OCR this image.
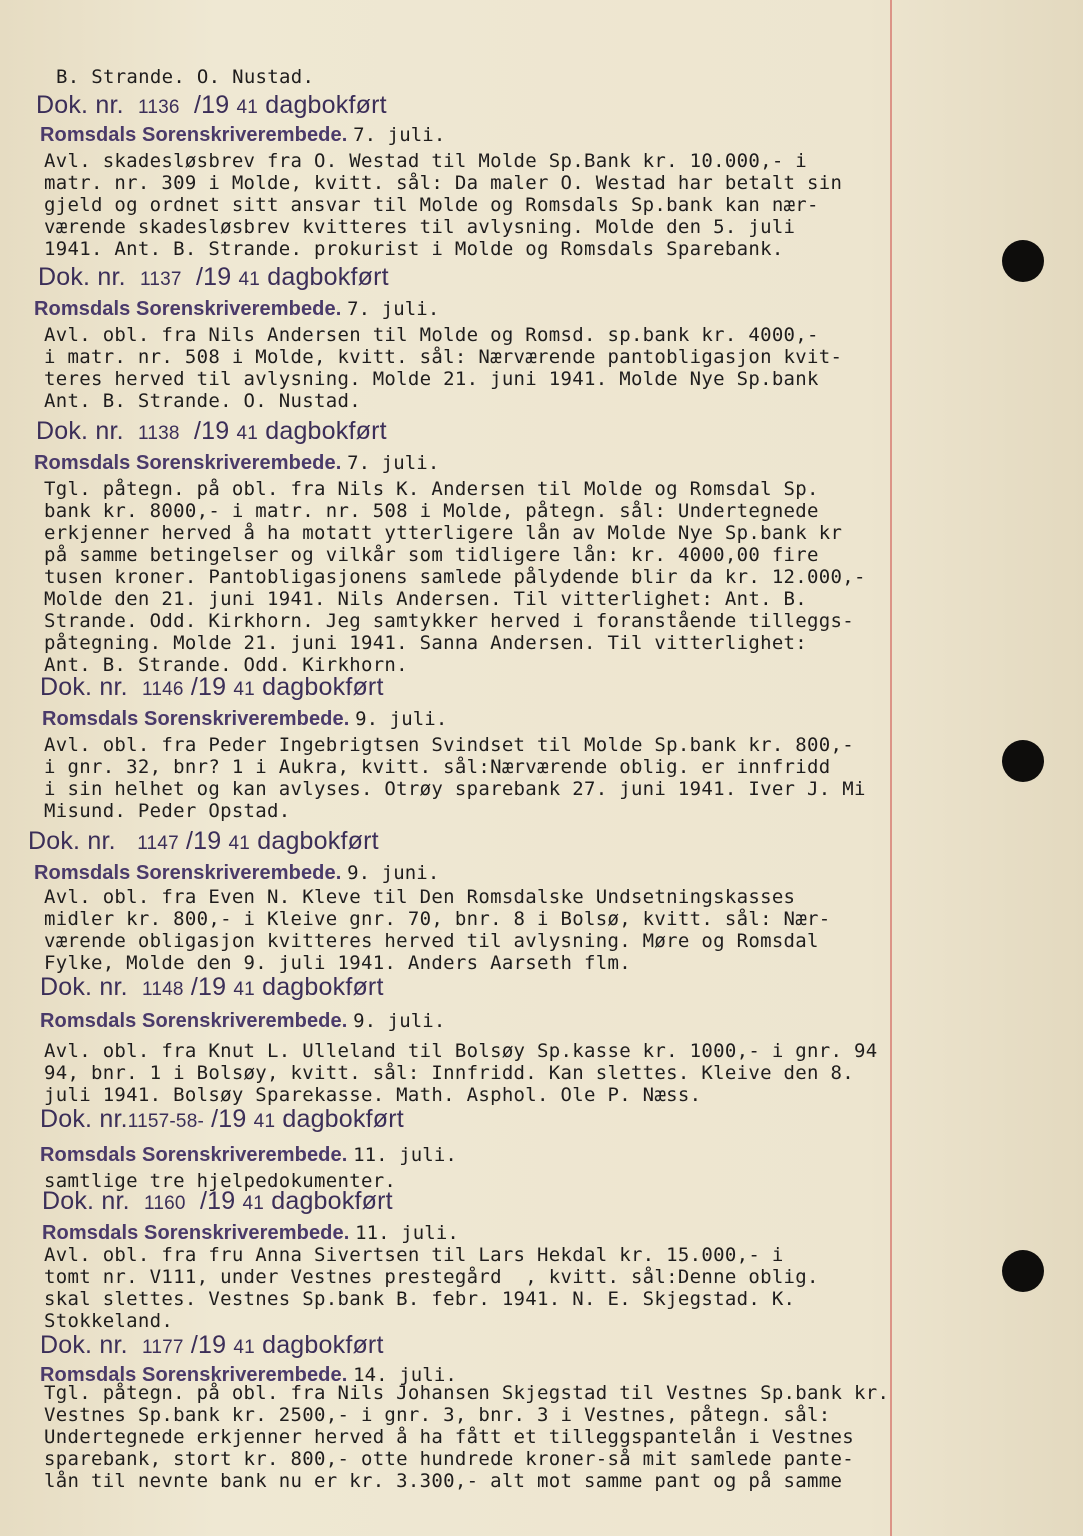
B. Strande. O. Nustad.
Dok. nr. 1136 /19 41 dagbokført
Romsdals Sorenskriverembede. 7. juli.
Avl. skadesløsbrev fra O. Westad til Molde Sp.Bank kr. 10.000,- i
matr. nr. 309 i Molde, kvitt. sål: Da maler O. Westad har betalt sin
gjeld og ordnet sitt ansvar til Molde og Romsdals Sp.bank kan nær-
værende skadesløsbrev kvitteres til avlysning. Molde den 5. juli
1941. Ant. B. Strande. prokurist i Molde og Romsdals Sparebank.
Dok. nr. 1137 /19 41 dagbokført
Romsdals Sorenskriverembede. 7. juli.
Avl. obl. fra Nils Andersen til Molde og Romsd. sp.bank kr. 4000,-
i matr. nr. 508 i Molde, kvitt. sål: Nærværende pantobligasjon kvit-
teres herved til avlysning. Molde 21. juni 1941. Molde Nye Sp.bank
Ant. B. Strande. O. Nustad.
Dok. nr. 1138 /19 41 dagbokført
Romsdals Sorenskriverembede. 7. juli.
Tgl. påtegn. på obl. fra Nils K. Andersen til Molde og Romsdal Sp.
bank kr. 8000,- i matr. nr. 508 i Molde, påtegn. sål: Undertegnede
erkjenner herved å ha motatt ytterligere lån av Molde Nye Sp.bank kr
på samme betingelser og vilkår som tidligere lån: kr. 4000,00 fire
tusen kroner. Pantobligasjonens samlede pålydende blir da kr. 12.000,-
Molde den 21. juni 1941. Nils Andersen. Til vitterlighet: Ant. B.
Strande. Odd. Kirkhorn. Jeg samtykker herved i foranstående tilleggs-
påtegning. Molde 21. juni 1941. Sanna Andersen. Til vitterlighet:
Ant. B. Strande. Odd. Kirkhorn.
Dok. nr. 1146 /19 41 dagbokført
Romsdals Sorenskriverembede. 9. juli.
Avl. obl. fra Peder Ingebrigtsen Svindset til Molde Sp.bank kr. 800,-
i gnr. 32, bnr? 1 i Aukra, kvitt. sål:Nærværende oblig. er innfridd
i sin helhet og kan avlyses. Otrøy sparebank 27. juni 1941. Iver J. Mi
Misund. Peder Opstad.
Dok. nr. 1147 /19 41 dagbokført
Romsdals Sorenskriverembede. 9. juni.
Avl. obl. fra Even N. Kleve til Den Romsdalske Undsetningskasses
midler kr. 800,- i Kleive gnr. 70, bnr. 8 i Bolsø, kvitt. sål: Nær-
værende obligasjon kvitteres herved til avlysning. Møre og Romsdal
Fylke, Molde den 9. juli 1941. Anders Aarseth flm.
Dok. nr. 1148 /19 41 dagbokført
Romsdals Sorenskriverembede. 9. juli.
Avl. obl. fra Knut L. Ulleland til Bolsøy Sp.kasse kr. 1000,- i gnr. 94
94, bnr. 1 i Bolsøy, kvitt. sål: Innfridd. Kan slettes. Kleive den 8.
juli 1941. Bolsøy Sparekasse. Math. Asphol. Ole P. Næss.
Dok. nr.1157-58- /19 41 dagbokført
Romsdals Sorenskriverembede. 11. juli.
samtlige tre hjelpedokumenter.
Dok. nr. 1160 /19 41 dagbokført
Romsdals Sorenskriverembede. 11. juli.
Avl. obl. fra fru Anna Sivertsen til Lars Hekdal kr. 15.000,- i
tomt nr. V111, under Vestnes prestegård  , kvitt. sål:Denne oblig.
skal slettes. Vestnes Sp.bank B. febr. 1941. N. E. Skjegstad. K.
Stokkeland.
Dok. nr. 1177 /19 41 dagbokført
Romsdals Sorenskriverembede. 14. juli.
Tgl. påtegn. på obl. fra Nils Johansen Skjegstad til Vestnes Sp.bank kr.
Vestnes Sp.bank kr. 2500,- i gnr. 3, bnr. 3 i Vestnes, påtegn. sål:
Undertegnede erkjenner herved å ha fått et tilleggspantelån i Vestnes
sparebank, stort kr. 800,- otte hundrede kroner-så mit samlede pante-
lån til nevnte bank nu er kr. 3.300,- alt mot samme pant og på samme
